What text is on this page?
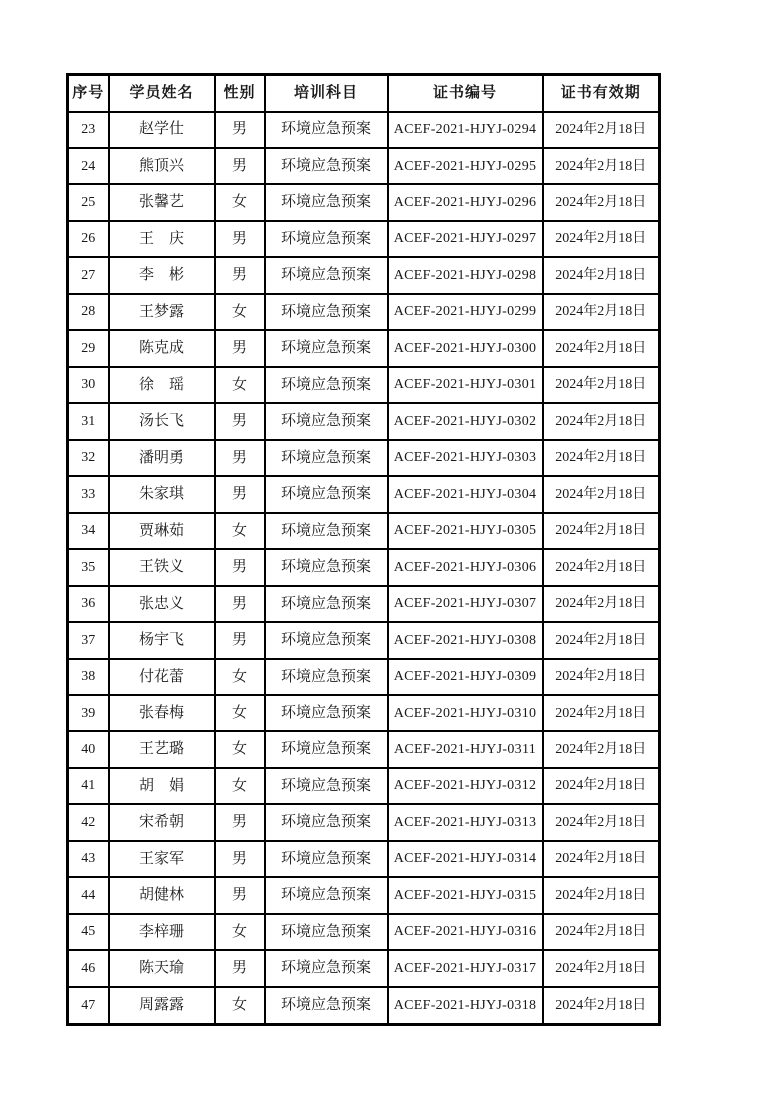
序号	学员姓名	性别	培训科目	证书编号	证书有效期
23	赵学仕	男	环境应急预案	ACEF-2021-HJYJ-0294	2024年2月18日
24	熊顶兴	男	环境应急预案	ACEF-2021-HJYJ-0295	2024年2月18日
25	张馨艺	女	环境应急预案	ACEF-2021-HJYJ-0296	2024年2月18日
26	王　庆	男	环境应急预案	ACEF-2021-HJYJ-0297	2024年2月18日
27	李　彬	男	环境应急预案	ACEF-2021-HJYJ-0298	2024年2月18日
28	王梦露	女	环境应急预案	ACEF-2021-HJYJ-0299	2024年2月18日
29	陈克成	男	环境应急预案	ACEF-2021-HJYJ-0300	2024年2月18日
30	徐　瑶	女	环境应急预案	ACEF-2021-HJYJ-0301	2024年2月18日
31	汤长飞	男	环境应急预案	ACEF-2021-HJYJ-0302	2024年2月18日
32	潘明勇	男	环境应急预案	ACEF-2021-HJYJ-0303	2024年2月18日
33	朱家琪	男	环境应急预案	ACEF-2021-HJYJ-0304	2024年2月18日
34	贾琳茹	女	环境应急预案	ACEF-2021-HJYJ-0305	2024年2月18日
35	王铁义	男	环境应急预案	ACEF-2021-HJYJ-0306	2024年2月18日
36	张忠义	男	环境应急预案	ACEF-2021-HJYJ-0307	2024年2月18日
37	杨宇飞	男	环境应急预案	ACEF-2021-HJYJ-0308	2024年2月18日
38	付花蕾	女	环境应急预案	ACEF-2021-HJYJ-0309	2024年2月18日
39	张春梅	女	环境应急预案	ACEF-2021-HJYJ-0310	2024年2月18日
40	王艺璐	女	环境应急预案	ACEF-2021-HJYJ-0311	2024年2月18日
41	胡　娟	女	环境应急预案	ACEF-2021-HJYJ-0312	2024年2月18日
42	宋希朝	男	环境应急预案	ACEF-2021-HJYJ-0313	2024年2月18日
43	王家军	男	环境应急预案	ACEF-2021-HJYJ-0314	2024年2月18日
44	胡健林	男	环境应急预案	ACEF-2021-HJYJ-0315	2024年2月18日
45	李梓珊	女	环境应急预案	ACEF-2021-HJYJ-0316	2024年2月18日
46	陈天瑜	男	环境应急预案	ACEF-2021-HJYJ-0317	2024年2月18日
47	周露露	女	环境应急预案	ACEF-2021-HJYJ-0318	2024年2月18日
